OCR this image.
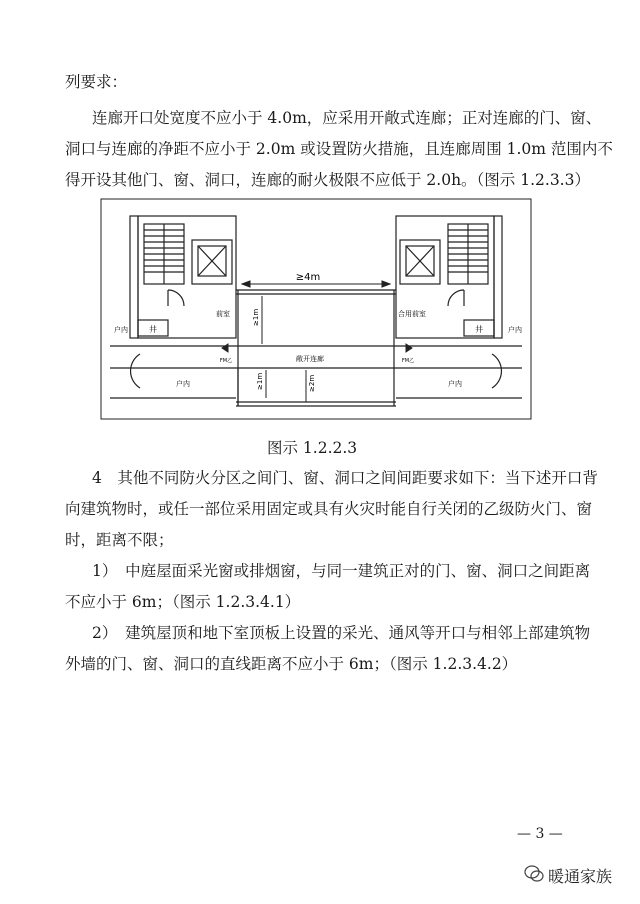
列要求：
连廊开口处宽度不应小于 4.0m，应采用开敞式连廊；正对连廊的门、窗、
洞口与连廊的净距不应小于 2.0m 或设置防火措施，且连廊周围 1.0m 范围内不
得开设其他门、窗、洞口，连廊的耐火极限不应低于 2.0h。（图示 1.2.3.3）
≥4m
前室	合用前室
敞开连廊
井	井
户内	户内
户内	户内
FM乙	FM乙
≥1m
≥1m	≥2m
图示 1.2.2.3
4　其他不同防火分区之间门、窗、洞口之间间距要求如下：当下述开口背
向建筑物时，或任一部位采用固定或具有火灾时能自行关闭的乙级防火门、窗
时，距离不限；
1）　中庭屋面采光窗或排烟窗，与同一建筑正对的门、窗、洞口之间距离
不应小于 6m；（图示 1.2.3.4.1）
2）　建筑屋顶和地下室顶板上设置的采光、通风等开口与相邻上部建筑物
外墙的门、窗、洞口的直线距离不应小于 6m；（图示 1.2.3.4.2）
— 3 —
暖通家族
